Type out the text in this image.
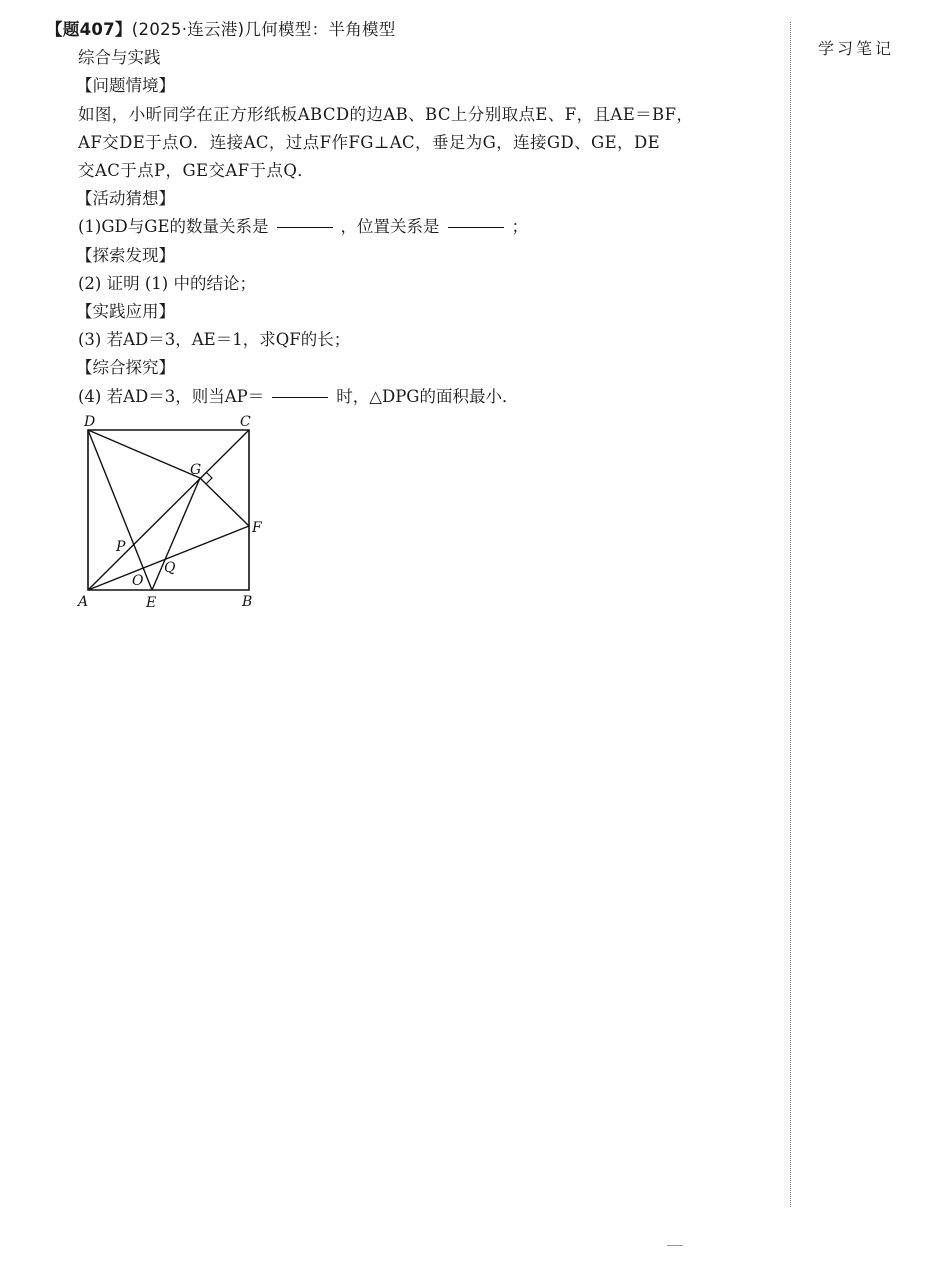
学习笔记
【题407】(2025·连云港)几何模型：半角模型
综合与实践
【问题情境】
如图，小昕同学在正方形纸板ABCD的边AB、BC上分别取点E、F，且AE＝BF，
AF交DE于点O．连接AC，过点F作FG⊥AC，垂足为G，连接GD、GE，DE
交AC于点P，GE交AF于点Q．
【活动猜想】
(1)GD与GE的数量关系是	，位置关系是	；
【探索发现】
(2) 证明 (1) 中的结论；
【实践应用】
(3) 若AD＝3，AE＝1，求QF的长；
【综合探究】
(4) 若AD＝3，则当AP＝	时，△DPG的面积最小．
D	C
G
F
P
Q
O
A	E	B
